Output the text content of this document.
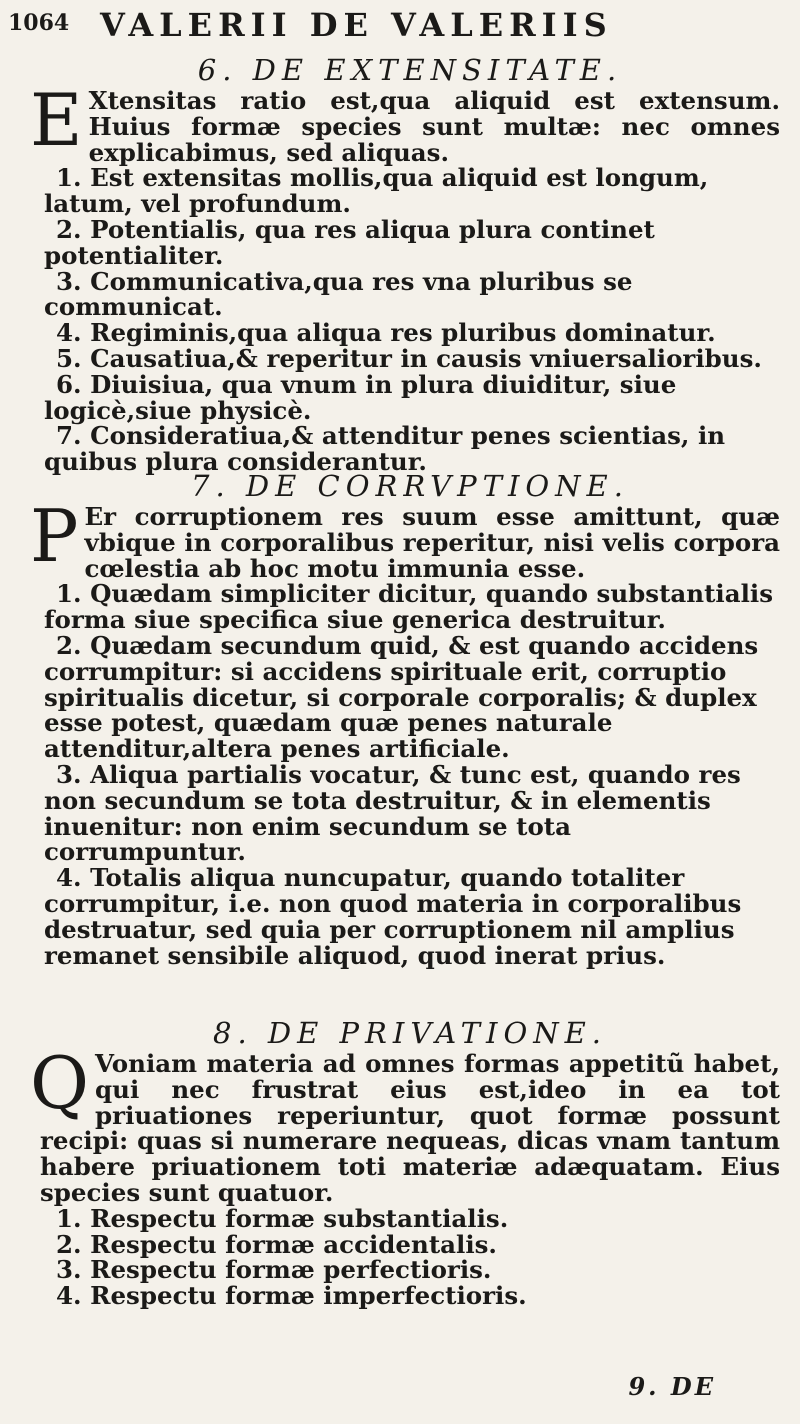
1064 VALERII DE VALERIIS
6. DE EXTENSITATE.

E Xtensitas ratio est,qua aliquid est extensum. Huius formæ species sunt multæ: nec omnes explicabimus, sed aliquas.

1. Est extensitas mollis,qua aliquid est longum, latum, vel profundum.

2. Potentialis, qua res aliqua plura continet potentialiter.

3. Communicativa,qua res vna pluribus se communicat.

4. Regiminis,qua aliqua res pluribus dominatur.

5. Causatiua,& reperitur in causis vniuersalioribus.

6. Diuisiua, qua vnum in plura diuiditur, siue logicè,siue physicè.

7. Consideratiua,& attenditur penes scientias, in quibus plura considerantur.

7. DE CORRVPTIONE.

P Er corruptionem res suum esse amittunt, quæ vbique in corporalibus reperitur, nisi velis corpora cœlestia ab hoc motu immunia esse.

1. Quædam simpliciter dicitur, quando substantialis forma siue specifica siue generica destruitur.

2. Quædam secundum quid, & est quando accidens corrumpitur: si accidens spirituale erit, corruptio spiritualis dicetur, si corporale corporalis; & duplex esse potest, quædam quæ penes naturale attenditur,altera penes artificiale.

3. Aliqua partialis vocatur, & tunc est, quando res non secundum se tota destruitur, & in elementis inuenitur: non enim secundum se tota corrumpuntur.

4. Totalis aliqua nuncupatur, quando totaliter corrumpitur, i.e. non quod materia in corporalibus destruatur, sed quia per corruptionem nil amplius remanet sensibile aliquod, quod inerat prius.

8. DE PRIVATIONE.

Q Voniam materia ad omnes formas appetitũ habet, qui nec frustrat eius est,ideo in ea tot priuationes reperiuntur, quot formæ possunt recipi: quas si numerare nequeas, dicas vnam tantum habere priuationem toti materiæ adæquatam. Eius species sunt quatuor.

1. Respectu formæ substantialis.

2. Respectu formæ accidentalis.

3. Respectu formæ perfectioris.

4. Respectu formæ imperfectioris.

9. DE
